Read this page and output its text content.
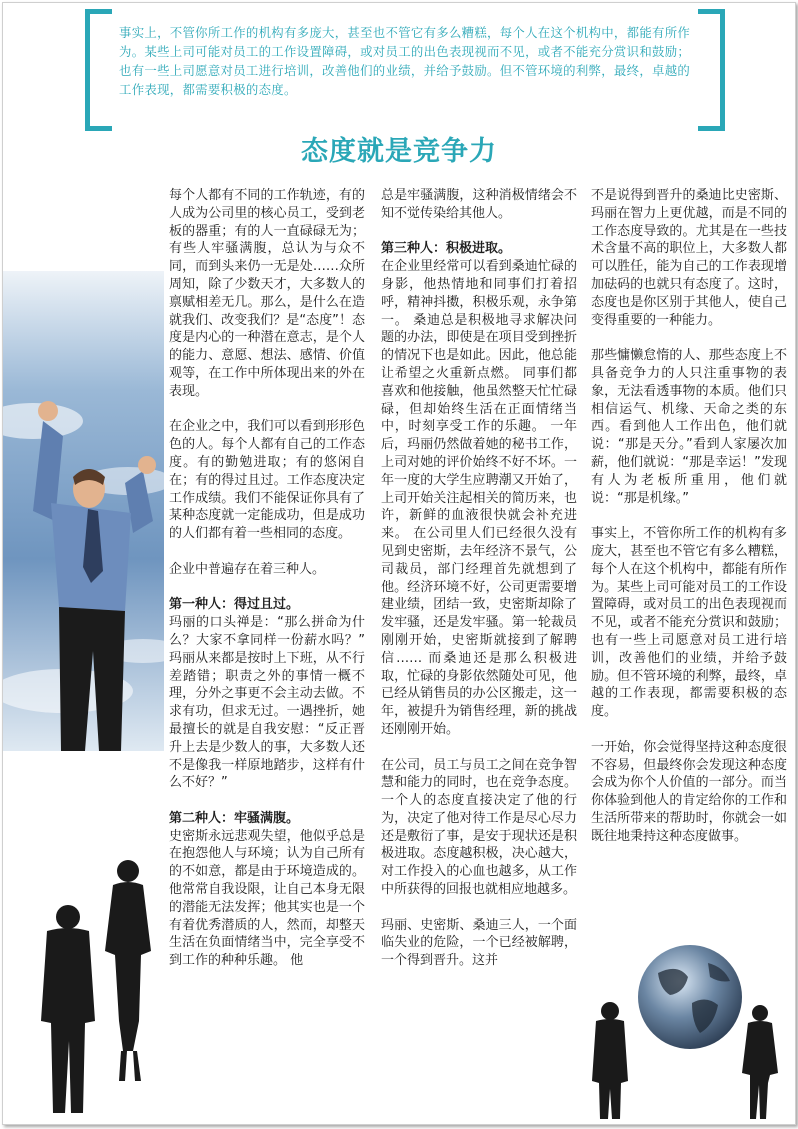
事实上，不管你所工作的机构有多庞大，甚至也不管它有多么糟糕，每个人在这个机构中，都能有所作为。某些上司可能对员工的工作设置障碍，或对员工的出色表现视而不见，或者不能充分赏识和鼓励；也有一些上司愿意对员工进行培训，改善他们的业绩，并给予鼓励。但不管环境的利弊，最终，卓越的工作表现，都需要积极的态度。
态度就是竞争力

每个人都有不同的工作轨迹，有的人成为公司里的核心员工，受到老板的器重；有的人一直碌碌无为；有些人牢骚满腹，总认为与众不同，而到头来仍一无是处……众所周知，除了少数天才，大多数人的禀赋相差无几。那么，是什么在造就我们、改变我们？是“态度”！态度是内心的一种潜在意志，是个人的能力、意愿、想法、感情、价值观等，在工作中所体现出来的外在表现。

在企业之中，我们可以看到形形色色的人。每个人都有自己的工作态度。有的勤勉进取；有的悠闲自在；有的得过且过。工作态度决定工作成绩。我们不能保证你具有了某种态度就一定能成功，但是成功的人们都有着一些相同的态度。

企业中普遍存在着三种人。

第一种人：得过且过。

玛丽的口头禅是：“那么拼命为什么？大家不拿同样一份薪水吗？” 玛丽从来都是按时上下班，从不行差踏错；职责之外的事情一概不理，分外之事更不会主动去做。不求有功，但求无过。一遇挫折，她最擅长的就是自我安慰：“反正晋升上去是少数人的事，大多数人还不是像我一样原地踏步，这样有什么不好？”

第二种人：牢骚满腹。

史密斯永远悲观失望，他似乎总是在抱怨他人与环境；认为自己所有的不如意，都是由于环境造成的。 他常常自我设限，让自己本身无限的潜能无法发挥；他其实也是一个有着优秀潜质的人，然而，却整天生活在负面情绪当中，完全享受不到工作的种种乐趣。 他

总是牢骚满腹，这种消极情绪会不知不觉传染给其他人。

第三种人：积极进取。

在企业里经常可以看到桑迪忙碌的身影，他热情地和同事们打着招呼，精神抖擞，积极乐观，永争第一。 桑迪总是积极地寻求解决问题的办法，即使是在项目受到挫折的情况下也是如此。因此，他总能让希望之火重新点燃。 同事们都喜欢和他接触，他虽然整天忙忙碌碌，但却始终生活在正面情绪当中，时刻享受工作的乐趣。 一年后，玛丽仍然做着她的秘书工作，上司对她的评价始终不好不坏。一年一度的大学生应聘潮又开始了，上司开始关注起相关的简历来，也许，新鲜的血液很快就会补充进来。 在公司里人们已经很久没有见到史密斯，去年经济不景气，公司裁员，部门经理首先就想到了他。经济环境不好，公司更需要增建业绩，团结一致，史密斯却除了发牢骚，还是发牢骚。第一轮裁员刚刚开始，史密斯就接到了解聘信…… 而桑迪还是那么积极进取，忙碌的身影依然随处可见，他已经从销售员的办公区搬走，这一年，被提升为销售经理，新的挑战还刚刚开始。

在公司，员工与员工之间在竞争智慧和能力的同时，也在竞争态度。一个人的态度直接决定了他的行为，决定了他对待工作是尽心尽力还是敷衍了事，是安于现状还是积极进取。态度越积极，决心越大，对工作投入的心血也越多，从工作中所获得的回报也就相应地越多。

玛丽、史密斯、桑迪三人，一个面临失业的危险，一个已经被解聘，一个得到晋升。这并

不是说得到晋升的桑迪比史密斯、玛丽在智力上更优越，而是不同的工作态度导致的。尤其是在一些技术含量不高的职位上，大多数人都可以胜任，能为自己的工作表现增加砝码的也就只有态度了。这时，态度也是你区别于其他人，使自己变得重要的一种能力。

那些慵懒怠惰的人、那些态度上不具备竞争力的人只注重事物的表象，无法看透事物的本质。他们只相信运气、机缘、天命之类的东西。看到他人工作出色，他们就说：“那是天分。”看到人家屡次加薪，他们就说：“那是幸运！”发现有人为老板所重用，他们就说：“那是机缘。”

事实上，不管你所工作的机构有多庞大，甚至也不管它有多么糟糕，每个人在这个机构中，都能有所作为。某些上司可能对员工的工作设置障碍，或对员工的出色表现视而不见，或者不能充分赏识和鼓励；也有一些上司愿意对员工进行培训，改善他们的业绩，并给予鼓励。但不管环境的利弊，最终，卓越的工作表现，都需要积极的态度。

一开始，你会觉得坚持这种态度很不容易，但最终你会发现这种态度会成为你个人价值的一部分。而当你体验到他人的肯定给你的工作和生活所带来的帮助时，你就会一如既往地秉持这种态度做事。
